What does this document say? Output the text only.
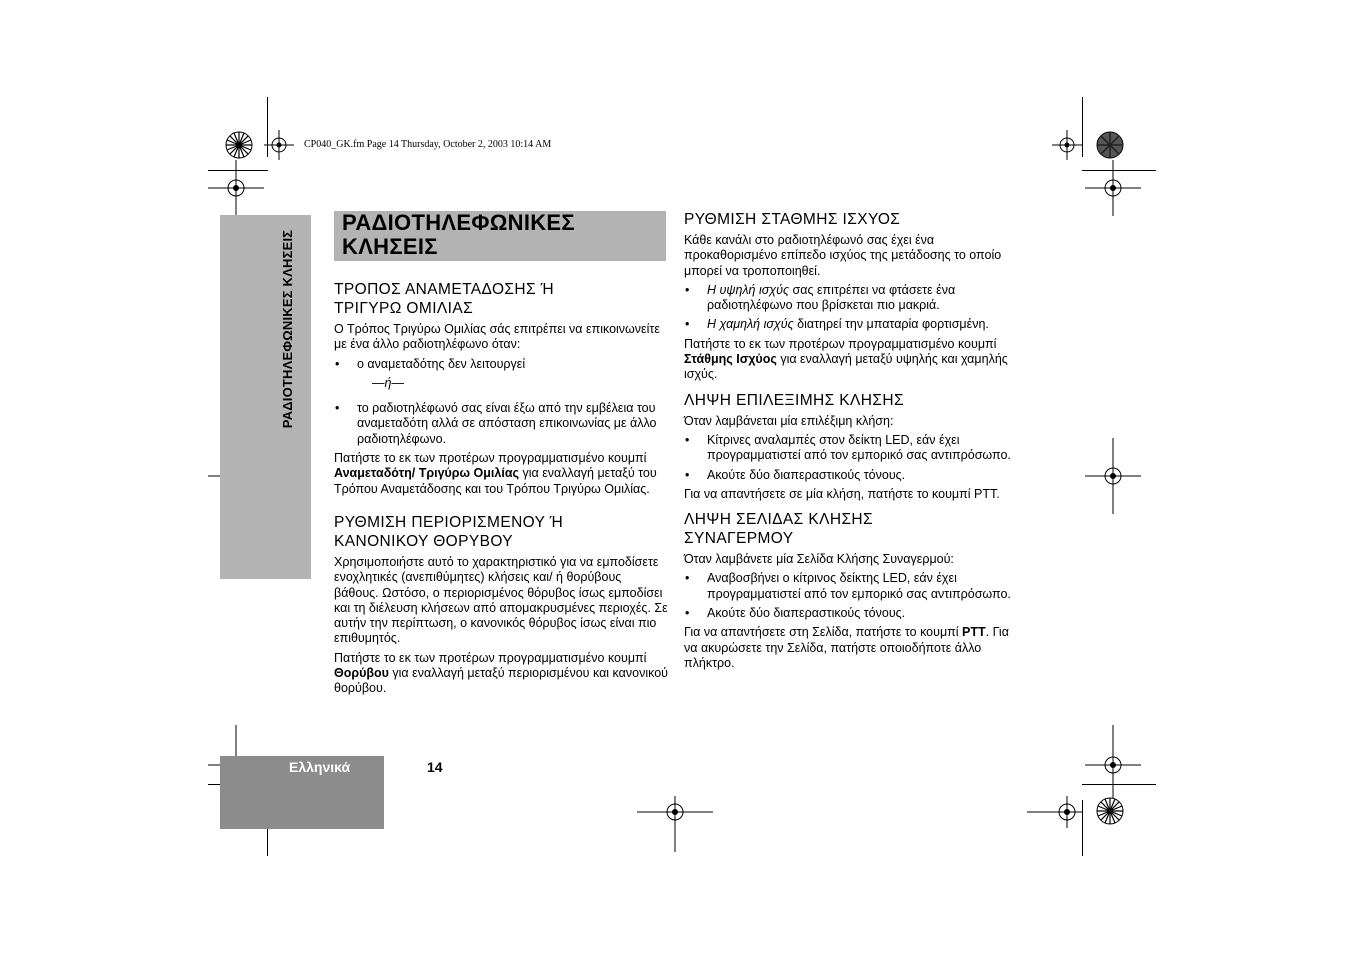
CP040_GK.fm Page 14 Thursday, October 2, 2003 10:14 AM
ΡΑΔΙΟΤΗΛΕΦΩΝΙΚΕΣ ΚΛΗΣΕΙΣ
ΡΑΔΙΟΤΗΛΕΦΩΝΙΚΕΣ
ΚΛΗΣΕΙΣ
ΤΡΟΠΟΣ ΑΝΑΜΕΤΑΔΟΣΗΣ Ή
ΤΡΙΓΥΡΩ ΟΜΙΛΙΑΣ

Ο Τρόπος Τριγύρω Ομιλίας σάς επιτρέπει να επικοινωνείτε με ένα άλλο ραδιοτηλέφωνο όταν:

• ο αναμεταδότης δεν λειτουργεί
—ή—
• το ραδιοτηλέφωνό σας είναι έξω από την εμβέλεια του αναμεταδότη αλλά σε απόσταση επικοινωνίας με άλλο ραδιοτηλέφωνο.

Πατήστε το εκ των προτέρων προγραμματισμένο κουμπί Αναμεταδότη/ Τριγύρω Ομιλίας για εναλλαγή μεταξύ του Τρόπου Αναμετάδοσης και του Τρόπου Τριγύρω Ομιλίας.

ΡΥΘΜΙΣΗ ΠΕΡΙΟΡΙΣΜΕΝΟΥ Ή
ΚΑΝΟΝΙΚΟΥ ΘΟΡΥΒΟΥ

Χρησιμοποιήστε αυτό το χαρακτηριστικό για να εμποδίσετε ενοχλητικές (ανεπιθύμητες) κλήσεις και/ ή θορύβους βάθους. Ωστόσο, ο περιορισμένος θόρυβος ίσως εμποδίσει και τη διέλευση κλήσεων από απομακρυσμένες περιοχές. Σε αυτήν την περίπτωση, ο κανονικός θόρυβος ίσως είναι πιο επιθυμητός.

Πατήστε το εκ των προτέρων προγραμματισμένο κουμπί Θορύβου για εναλλαγή μεταξύ περιορισμένου και κανονικού θορύβου.

ΡΥΘΜΙΣΗ ΣΤΑΘΜΗΣ ΙΣΧΥΟΣ

Κάθε κανάλι στο ραδιοτηλέφωνό σας έχει ένα προκαθορισμένο επίπεδο ισχύος της μετάδοσης το οποίο μπορεί να τροποποιηθεί.

• Η υψηλή ισχύς σας επιτρέπει να φτάσετε ένα ραδιοτηλέφωνο που βρίσκεται πιο μακριά.
• Η χαμηλή ισχύς διατηρεί την μπαταρία φορτισμένη.

Πατήστε το εκ των προτέρων προγραμματισμένο κουμπί Στάθμης Ισχύος για εναλλαγή μεταξύ υψηλής και χαμηλής ισχύς.

ΛΗΨΗ ΕΠΙΛΕΞΙΜΗΣ ΚΛΗΣΗΣ

Όταν λαμβάνεται μία επιλέξιμη κλήση:

• Κίτρινες αναλαμπές στον δείκτη LED, εάν έχει προγραμματιστεί από τον εμπορικό σας αντιπρόσωπο.
• Ακούτε δύο διαπεραστικούς τόνους.

Για να απαντήσετε σε μία κλήση, πατήστε το κουμπί PTT.

ΛΗΨΗ ΣΕΛΙΔΑΣ ΚΛΗΣΗΣ
ΣΥΝΑΓΕΡΜΟΥ

Όταν λαμβάνετε μία Σελίδα Κλήσης Συναγερμού:

• Αναβοσβήνει ο κίτρινος δείκτης LED, εάν έχει προγραμματιστεί από τον εμπορικό σας αντιπρόσωπο.
• Ακούτε δύο διαπεραστικούς τόνους.

Για να απαντήσετε στη Σελίδα, πατήστε το κουμπί PTT. Για να ακυρώσετε την Σελίδα, πατήστε οποιοδήποτε άλλο πλήκτρο.

Ελληνικά	14
